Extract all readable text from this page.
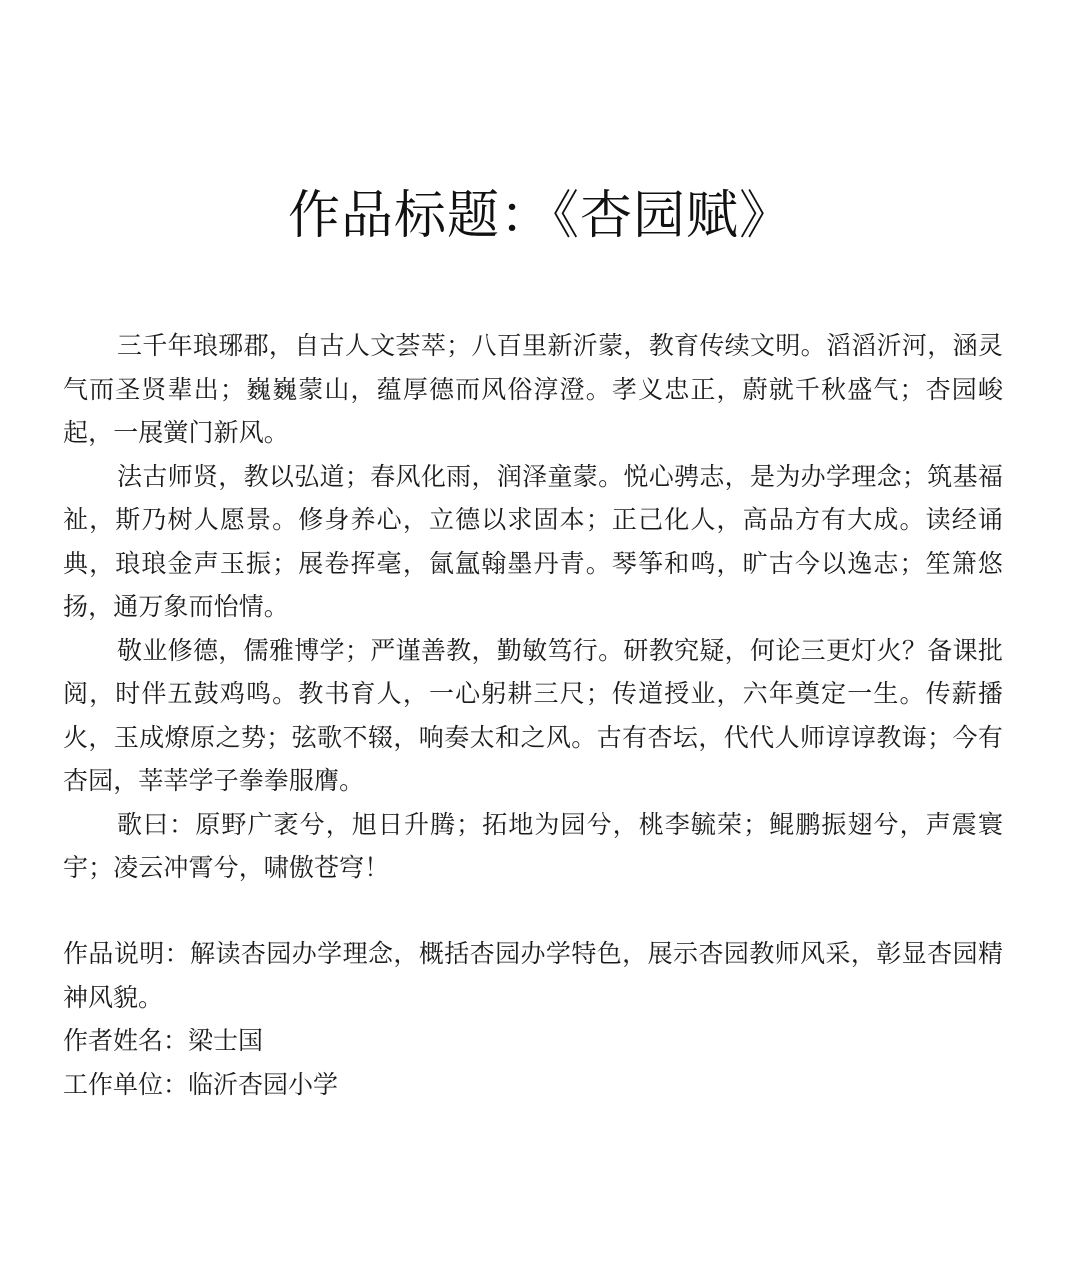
作品标题：《杏园赋》

三千年琅琊郡，自古人文荟萃；八百里新沂蒙，教育传续文明。滔滔沂河，涵灵气而圣贤辈出；巍巍蒙山，蕴厚德而风俗淳澄。孝义忠正，蔚就千秋盛气；杏园峻起，一展黉门新风。

法古师贤，教以弘道；春风化雨，润泽童蒙。悦心骋志，是为办学理念；筑基福祉，斯乃树人愿景。修身养心，立德以求固本；正己化人，高品方有大成。读经诵典，琅琅金声玉振；展卷挥毫，氤氲翰墨丹青。琴筝和鸣，旷古今以逸志；笙箫悠扬，通万象而怡情。

敬业修德，儒雅博学；严谨善教，勤敏笃行。研教究疑，何论三更灯火？备课批阅，时伴五鼓鸡鸣。教书育人，一心躬耕三尺；传道授业，六年奠定一生。传薪播火，玉成燎原之势；弦歌不辍，响奏太和之风。古有杏坛，代代人师谆谆教诲；今有杏园，莘莘学子拳拳服膺。

歌曰：原野广袤兮，旭日升腾；拓地为园兮，桃李毓荣；鲲鹏振翅兮，声震寰宇；凌云冲霄兮，啸傲苍穹！

作品说明：解读杏园办学理念，概括杏园办学特色，展示杏园教师风采，彰显杏园精神风貌。

作者姓名：梁士国

工作单位：临沂杏园小学
